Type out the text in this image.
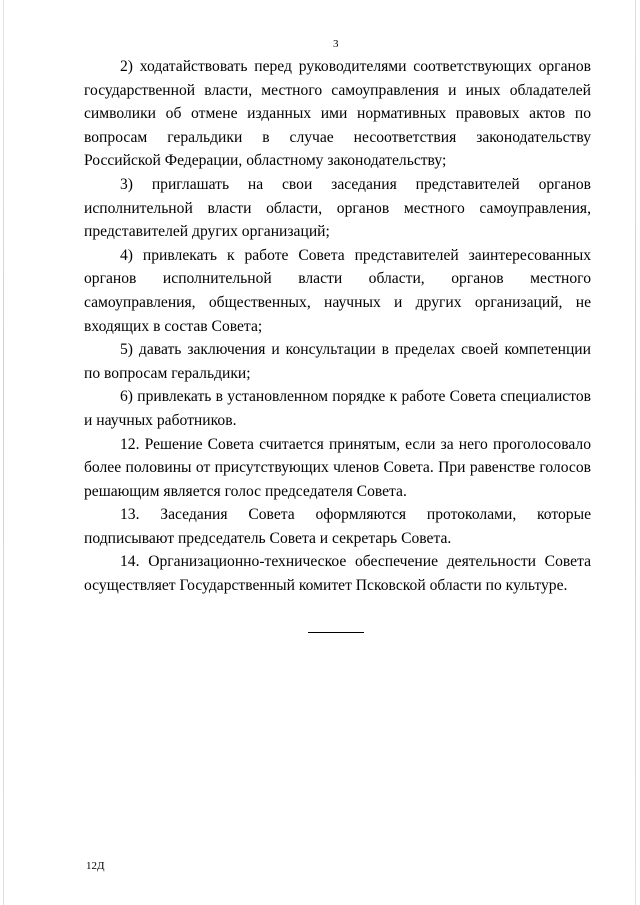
3

2) ходатайствовать перед руководителями соответствующих органов государственной власти, местного самоуправления и иных обладателей символики об отмене изданных ими нормативных правовых актов по вопросам геральдики в случае несоответствия законодательству Российской Федерации, областному законодательству;

3) приглашать на свои заседания представителей органов исполнительной власти области, органов местного самоуправления, представителей других организаций;

4) привлекать к работе Совета представителей заинтересованных органов исполнительной власти области, органов местного самоуправления, общественных, научных и других организаций, не входящих в состав Совета;

5) давать заключения и консультации в пределах своей компетенции по вопросам геральдики;

6) привлекать в установленном порядке к работе Совета специалистов и научных работников.

12. Решение Совета считается принятым, если за него проголосовало более половины от присутствующих членов Совета. При равенстве голосов решающим является голос председателя Совета.

13. Заседания Совета оформляются протоколами, которые подписывают председатель Совета и секретарь Совета.

14. Организационно-техническое обеспечение деятельности Совета осуществляет Государственный комитет Псковской области по культуре.

12Д
